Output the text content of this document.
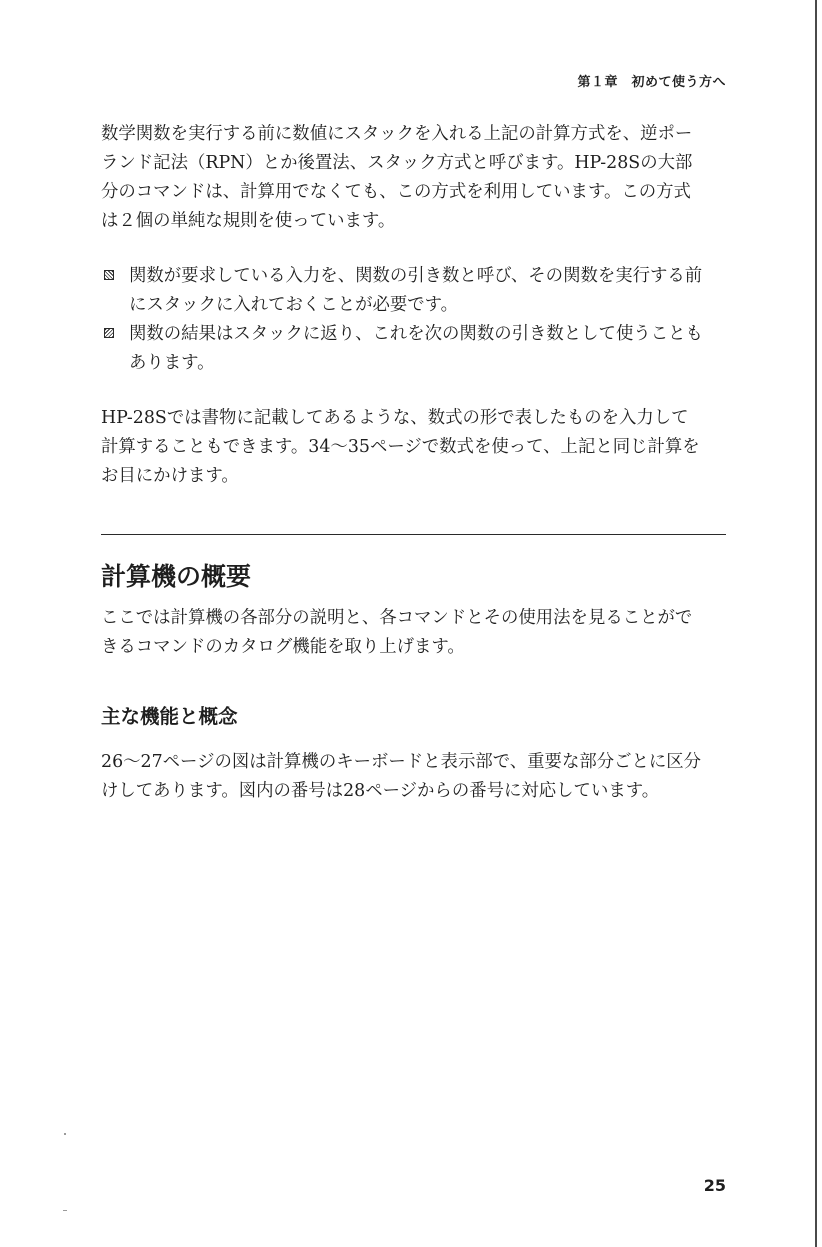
第１章　初めて使う方へ

数学関数を実行する前に数値にスタックを入れる上記の計算方式を、逆ポー
ランド記法（RPN）とか後置法、スタック方式と呼びます。HP-28Sの大部
分のコマンドは、計算用でなくても、この方式を利用しています。この方式
は２個の単純な規則を使っています。

関数が要求している入力を、関数の引き数と呼び、その関数を実行する前
にスタックに入れておくことが必要です。
関数の結果はスタックに返り、これを次の関数の引き数として使うことも
あります。

HP-28Sでは書物に記載してあるような、数式の形で表したものを入力して
計算することもできます。34～35ページで数式を使って、上記と同じ計算を
お目にかけます。

計算機の概要

ここでは計算機の各部分の説明と、各コマンドとその使用法を見ることがで
きるコマンドのカタログ機能を取り上げます。

主な機能と概念

26～27ページの図は計算機のキーボードと表示部で、重要な部分ごとに区分
けしてあります。図内の番号は28ページからの番号に対応しています。

25
